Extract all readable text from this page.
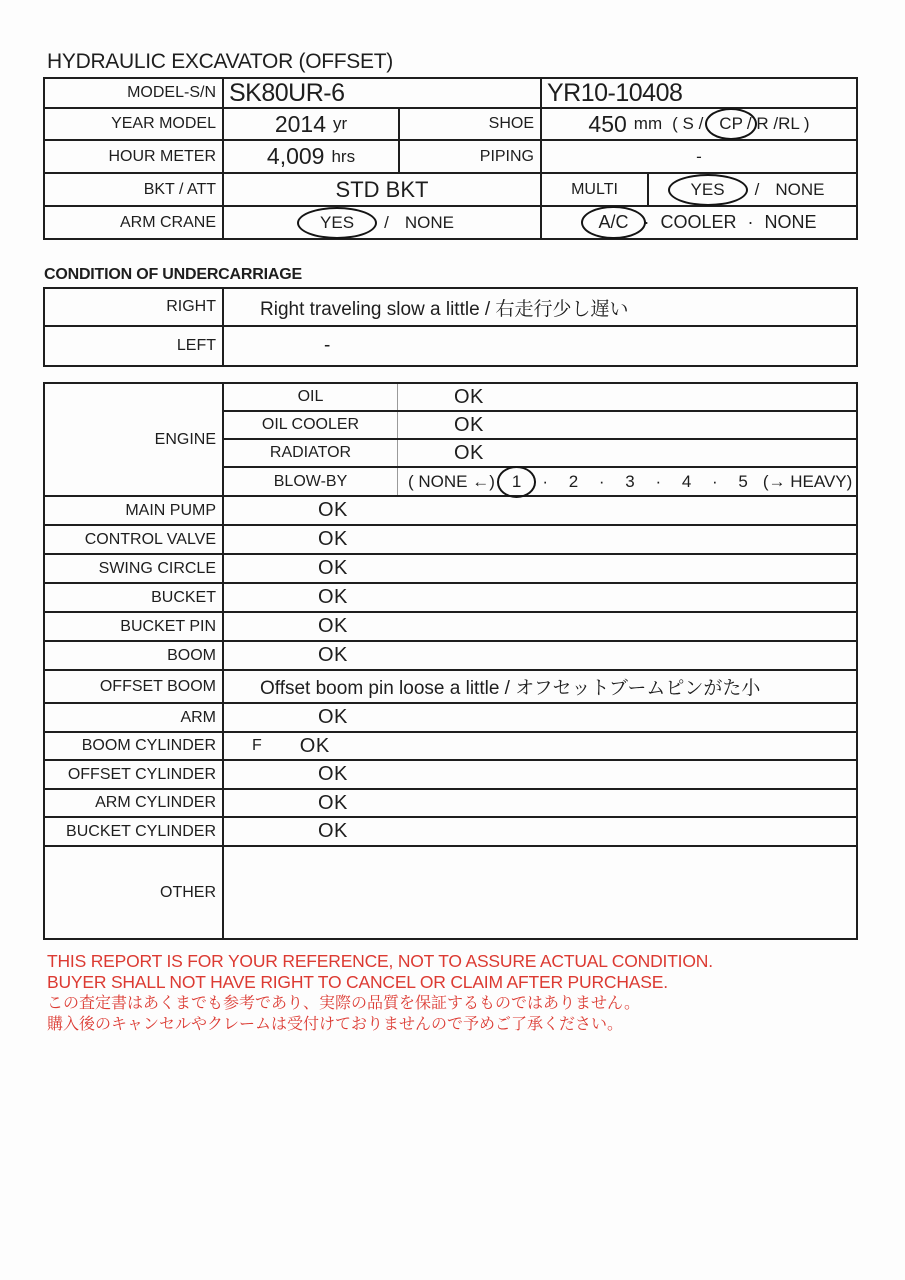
HYDRAULIC EXCAVATOR (OFFSET)
MODEL-S/N SK80UR-6	YR10-10408
YEAR MODEL	2014 yr	SHOE	450 mm ( S / CP / R /RL )
HOUR METER	4,009 hrs	PIPING	-
BKT / ATT	STD BKT	MULTI	YES	/ NONE
ARM CRANE	YES	/ NONE	A/C · COOLER · NONE
CONDITION OF UNDERCARRIAGE
RIGHT	Right traveling slow a little / 右走行少し遅い
LEFT	-
ENGINE
OIL	OK
OIL COOLER	OK
RADIATOR	OK
BLOW-BY	( NONE ←)	1	· 2 · 3 · 4 · 5 (→ HEAVY)
MAIN PUMP	OK
CONTROL VALVE	OK
SWING CIRCLE	OK
BUCKET	OK
BUCKET PIN	OK
BOOM	OK
OFFSET BOOM	Offset boom pin loose a little / オフセットブームピンがた小
ARM	OK
BOOM CYLINDER	F OK
OFFSET CYLINDER	OK
ARM CYLINDER	OK
BUCKET CYLINDER	OK
OTHER
THIS REPORT IS FOR YOUR REFERENCE, NOT TO ASSURE ACTUAL CONDITION.
BUYER SHALL NOT HAVE RIGHT TO CANCEL OR CLAIM AFTER PURCHASE.
この査定書はあくまでも参考であり、実際の品質を保証するものではありません。
購入後のキャンセルやクレームは受付けておりませんので予めご了承ください。
